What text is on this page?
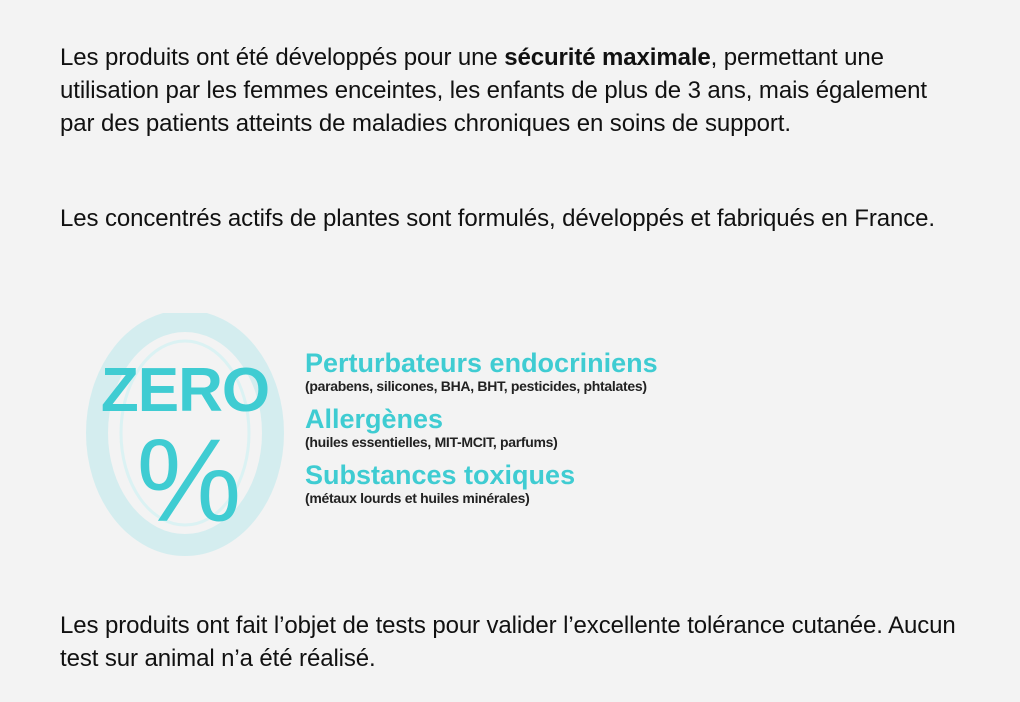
Les produits ont été développés pour une sécurité maximale, permettant une utilisation par les femmes enceintes, les enfants de plus de 3 ans, mais également par des patients atteints de maladies chroniques en soins de support.

Les concentrés actifs de plantes sont formulés, développés et fabriqués en France.

ZERO
%
Perturbateurs endocriniens
(parabens, silicones, BHA, BHT, pesticides, phtalates)
Allergènes
(huiles essentielles, MIT-MCIT, parfums)
Substances toxiques
(métaux lourds et huiles minérales)

Les produits ont fait l’objet de tests pour valider l’excellente tolérance cutanée. Aucun test sur animal n’a été réalisé.
